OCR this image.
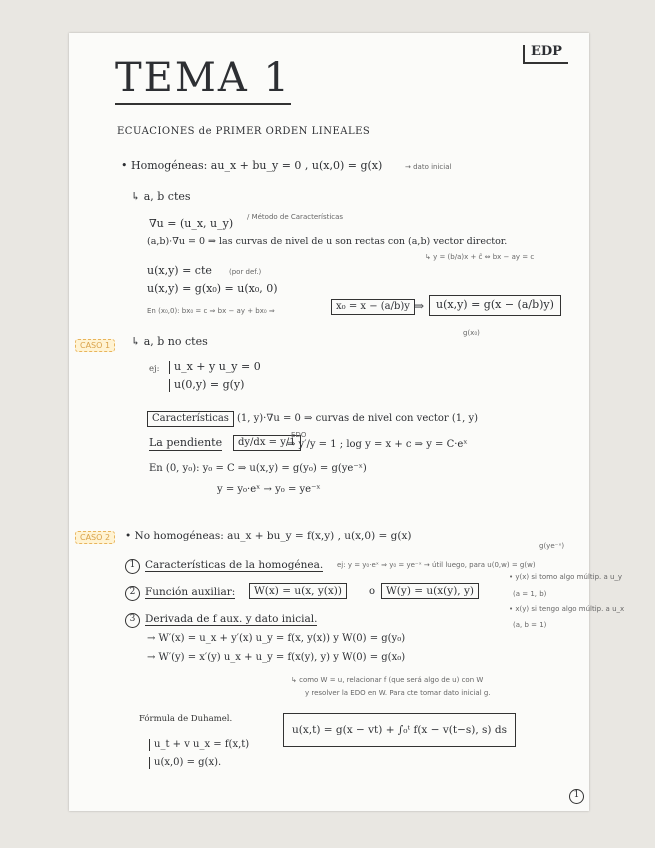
EDP
TEMA 1
ECUACIONES de PRIMER ORDEN LINEALES
CASO 1
CASO 2
• Homogéneas: au_x + bu_y = 0 , u(x,0) = g(x)	→ dato inicial
↳ a, b ctes
∇u = (u_x, u_y) / Método de Características
(a,b)·∇u = 0 ⇒ las curvas de nivel de u son rectas con (a,b) vector director.
↳ y = (b/a)x + c̃ ⇔ bx − ay = c
u(x,y) = cte (por def.)
u(x,y) = g(x₀) = u(x₀, 0)
En (x₀,0): bx₀ = c ⇒ bx − ay + bx₀ ⇒	x₀ = x − (a/b)y ⇒	u(x,y) = g(x − (a/b)y)
g(x₀)
↳ a, b no ctes
ej:	u_x + y u_y = 0
u(0,y) = g(y)
Características (1, y)·∇u = 0 ⇒ curvas de nivel con vector (1, y)
La pendiente	dy/dx = y/1
EDO
⇒ y′/y = 1 ; log y = x + c ⇒ y = C·eˣ
En (0, y₀): y₀ = C ⇒ u(x,y) = g(y₀) = g(ye⁻ˣ)
y = y₀·eˣ → y₀ = ye⁻ˣ
• No homogéneas: au_x + bu_y = f(x,y) , u(x,0) = g(x)
g(ye⁻ˣ)
1 Características de la homogénea. ej: y = y₀·eˣ ⇒ y₀ = ye⁻ˣ → útil luego, para u(0,w) = g(w)
2 Función auxiliar:	W(x) = u(x, y(x))	o	W(y) = u(x(y), y)
• y(x) si tomo algo múltip. a u_y
(a = 1, b)
• x(y) si tengo algo múltip. a u_x
(a, b = 1)
3 Derivada de f aux. y dato inicial.
→ W′(x) = u_x + y′(x) u_y = f(x, y(x)) y W(0) = g(y₀)
→ W′(y) = x′(y) u_x + u_y = f(x(y), y) y W(0) = g(x₀)
↳ como W = u, relacionar f (que será algo de u) con W
y resolver la EDO en W. Para cte tomar dato inicial g.
Fórmula de Duhamel.
u_t + v u_x = f(x,t)
u(x,0) = g(x).
u(x,t) = g(x − vt) + ∫₀ᵗ f(x − v(t−s), s) ds
1
